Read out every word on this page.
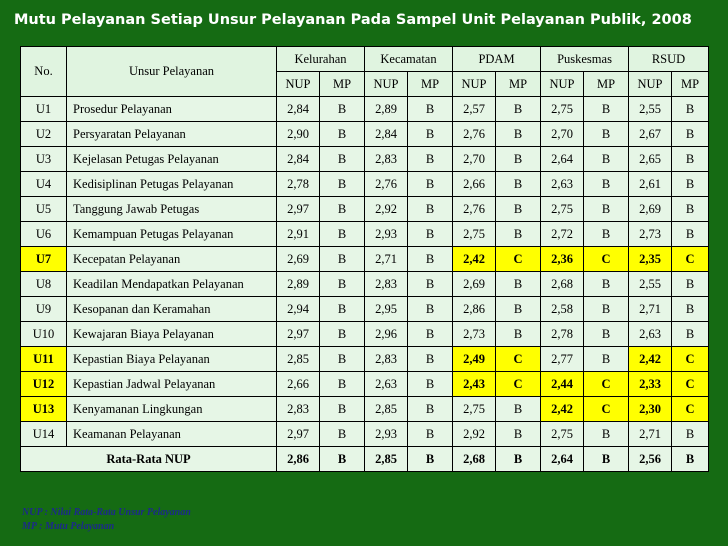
Mutu Pelayanan Setiap Unsur Pelayanan Pada Sampel Unit Pelayanan Publik, 2008
No.	Unsur Pelayanan	Kelurahan		Kecamatan		PDAM		Puskesmas		RSUD	
		NUP	MP	NUP	MP	NUP	MP	NUP	MP	NUP	MP
U1	Prosedur Pelayanan	2,84	B	2,89	B	2,57	B	2,75	B	2,55	B
U2	Persyaratan Pelayanan	2,90	B	2,84	B	2,76	B	2,70	B	2,67	B
U3	Kejelasan Petugas Pelayanan	2,84	B	2,83	B	2,70	B	2,64	B	2,65	B
U4	Kedisiplinan Petugas Pelayanan	2,78	B	2,76	B	2,66	B	2,63	B	2,61	B
U5	Tanggung Jawab Petugas	2,97	B	2,92	B	2,76	B	2,75	B	2,69	B
U6	Kemampuan Petugas Pelayanan	2,91	B	2,93	B	2,75	B	2,72	B	2,73	B
U7	Kecepatan Pelayanan	2,69	B	2,71	B	2,42	C	2,36	C	2,35	C
U8	Keadilan Mendapatkan Pelayanan	2,89	B	2,83	B	2,69	B	2,68	B	2,55	B
U9	Kesopanan dan Keramahan	2,94	B	2,95	B	2,86	B	2,58	B	2,71	B
U10	Kewajaran Biaya Pelayanan	2,97	B	2,96	B	2,73	B	2,78	B	2,63	B
U11	Kepastian Biaya Pelayanan	2,85	B	2,83	B	2,49	C	2,77	B	2,42	C
U12	Kepastian Jadwal Pelayanan	2,66	B	2,63	B	2,43	C	2,44	C	2,33	C
U13	Kenyamanan Lingkungan	2,83	B	2,85	B	2,75	B	2,42	C	2,30	C
U14	Keamanan Pelayanan	2,97	B	2,93	B	2,92	B	2,75	B	2,71	B
Rata-Rata NUP		2,86	B	2,85	B	2,68	B	2,64	B	2,56	B
NUP : Nilai Rata-Rata Unsur Pelayanan
MP : Mutu Pelayanan
